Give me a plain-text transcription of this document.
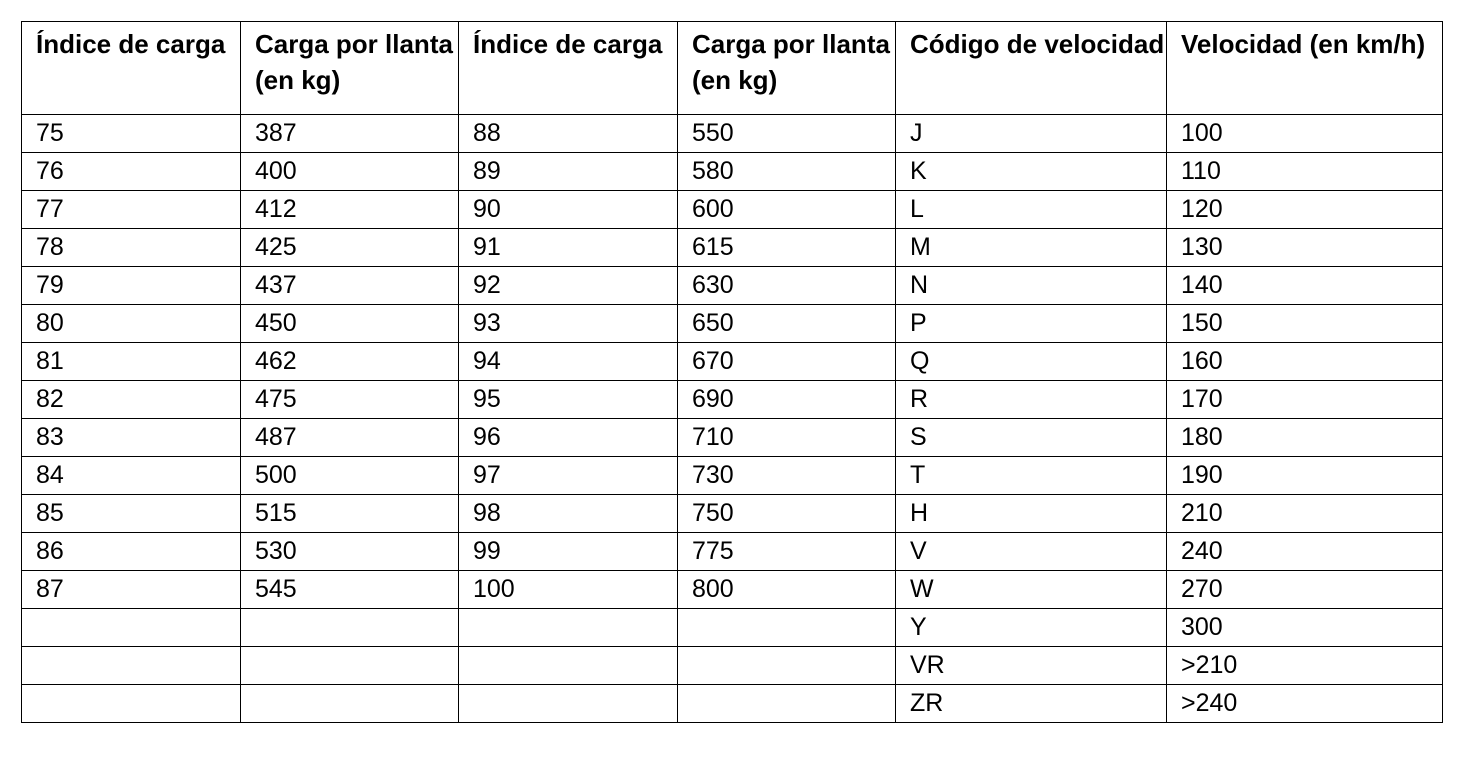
Índice de carga	Carga por llanta (en kg)	Índice de carga	Carga por llanta (en kg)	Código de velocidad	Velocidad (en km/h)
75	387	88	550	J	100
76	400	89	580	K	110
77	412	90	600	L	120
78	425	91	615	M	130
79	437	92	630	N	140
80	450	93	650	P	150
81	462	94	670	Q	160
82	475	95	690	R	170
83	487	96	710	S	180
84	500	97	730	T	190
85	515	98	750	H	210
86	530	99	775	V	240
87	545	100	800	W	270
				Y	300
				VR	>210
				ZR	>240
